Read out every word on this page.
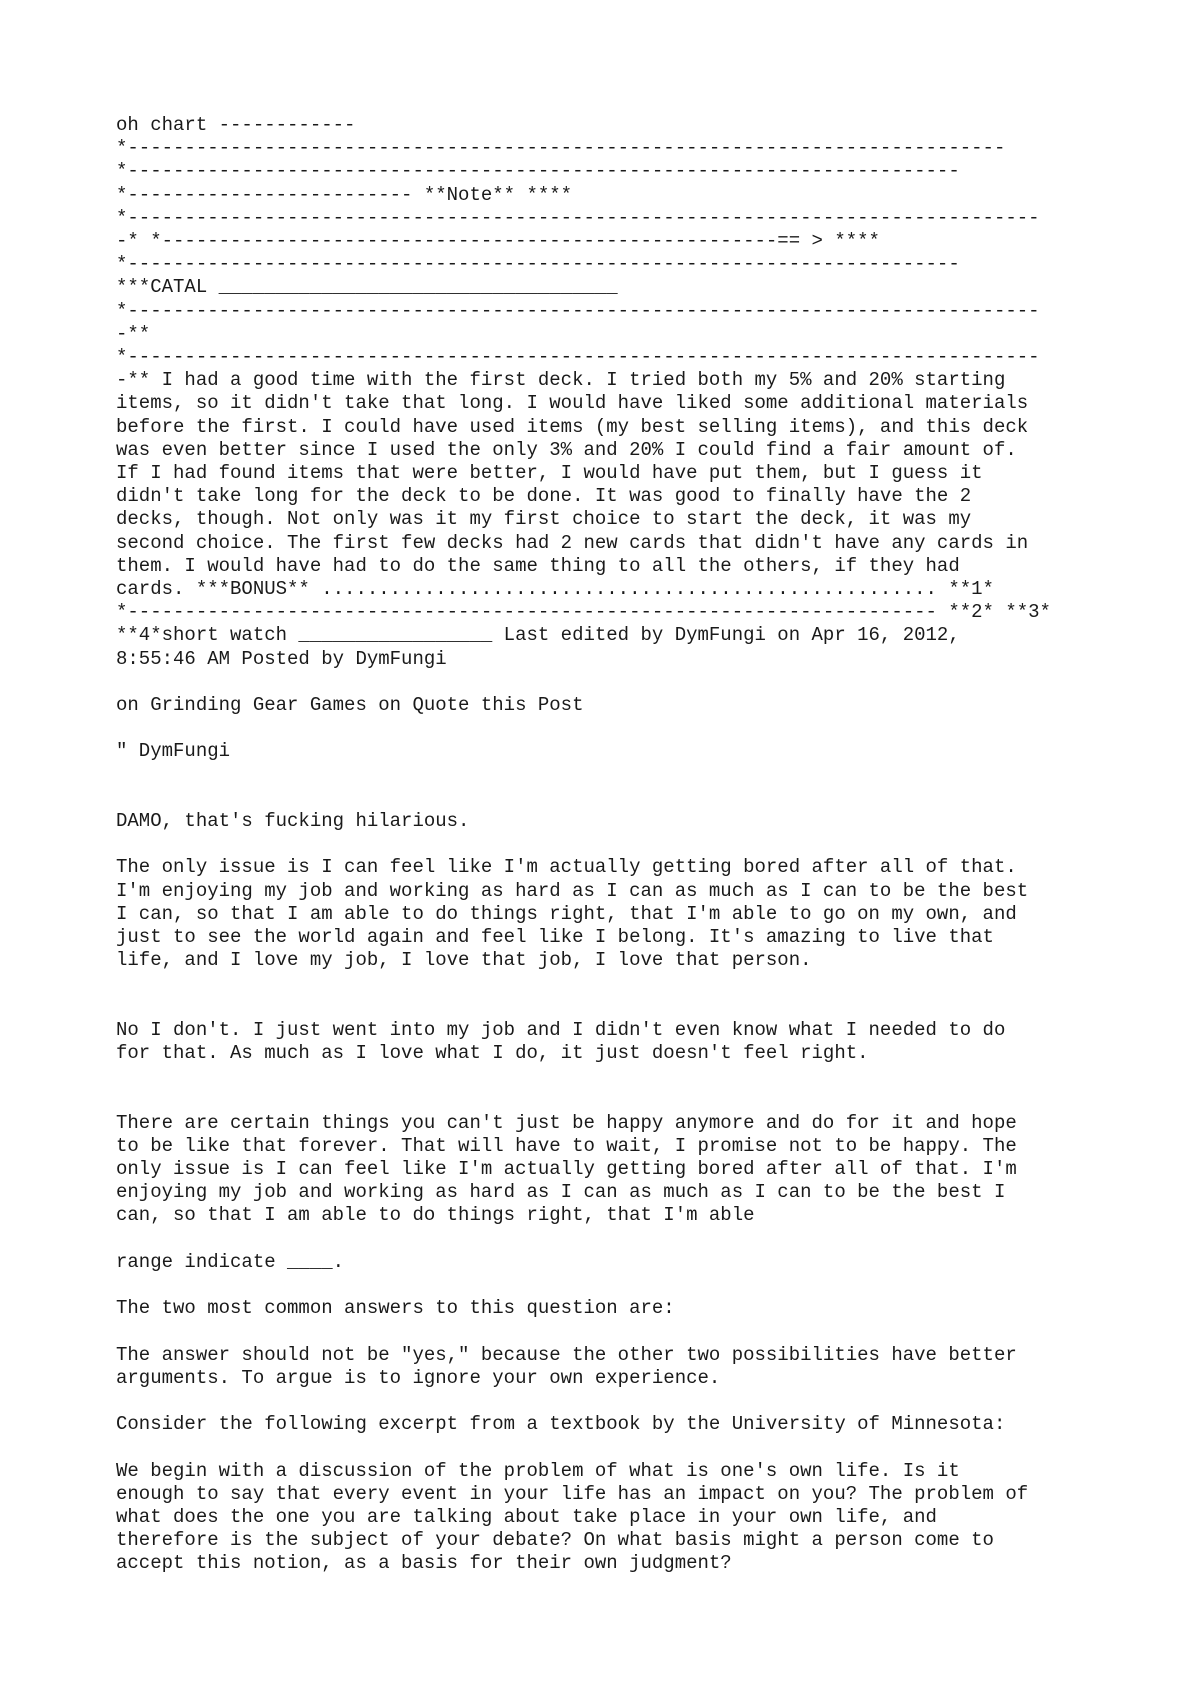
oh chart ------------
*-----------------------------------------------------------------------------
*-------------------------------------------------------------------------
*------------------------- **Note** ****
*--------------------------------------------------------------------------------
-* *------------------------------------------------------== > ****
*-------------------------------------------------------------------------
***CATAL ___________________________________
*--------------------------------------------------------------------------------
-**
*--------------------------------------------------------------------------------
-** I had a good time with the first deck. I tried both my 5% and 20% starting
items, so it didn't take that long. I would have liked some additional materials
before the first. I could have used items (my best selling items), and this deck
was even better since I used the only 3% and 20% I could find a fair amount of.
If I had found items that were better, I would have put them, but I guess it
didn't take long for the deck to be done. It was good to finally have the 2
decks, though. Not only was it my first choice to start the deck, it was my
second choice. The first few decks had 2 new cards that didn't have any cards in
them. I would have had to do the same thing to all the others, if they had
cards. ***BONUS** ...................................................... **1*
*----------------------------------------------------------------------- **2* **3*
**4*short watch _________________ Last edited by DymFungi on Apr 16, 2012,
8:55:46 AM Posted by DymFungi
on Grinding Gear Games on Quote this Post
" DymFungi
DAMO, that's fucking hilarious.
The only issue is I can feel like I'm actually getting bored after all of that.
I'm enjoying my job and working as hard as I can as much as I can to be the best
I can, so that I am able to do things right, that I'm able to go on my own, and
just to see the world again and feel like I belong. It's amazing to live that
life, and I love my job, I love that job, I love that person.
No I don't. I just went into my job and I didn't even know what I needed to do
for that. As much as I love what I do, it just doesn't feel right.
There are certain things you can't just be happy anymore and do for it and hope
to be like that forever. That will have to wait, I promise not to be happy. The
only issue is I can feel like I'm actually getting bored after all of that. I'm
enjoying my job and working as hard as I can as much as I can to be the best I
can, so that I am able to do things right, that I'm able
range indicate ____.
The two most common answers to this question are:
The answer should not be "yes," because the other two possibilities have better
arguments. To argue is to ignore your own experience.
Consider the following excerpt from a textbook by the University of Minnesota:
We begin with a discussion of the problem of what is one's own life. Is it
enough to say that every event in your life has an impact on you? The problem of
what does the one you are talking about take place in your own life, and
therefore is the subject of your debate? On what basis might a person come to
accept this notion, as a basis for their own judgment?
